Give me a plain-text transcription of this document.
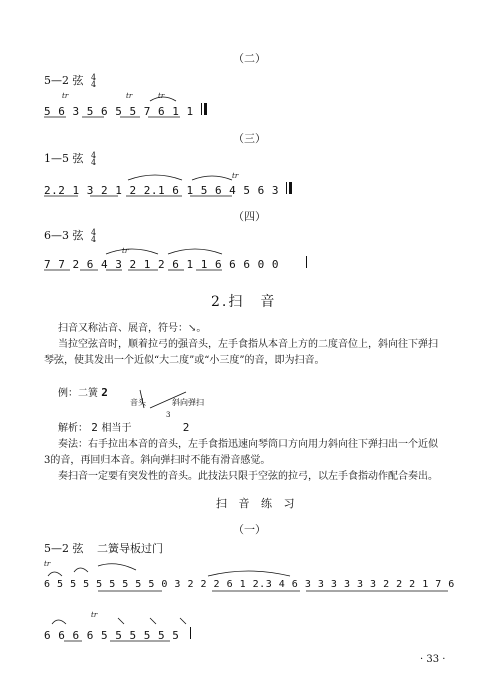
（二）
5—2 弦 4
4
tr	tr	tr
5 6 3 5 6 5 5 7 6 1 1
（三）
1—5 弦 4
4
tr
2.2 1 3 2 1 2 2.1 6 1 5 6 4 5 6 3
（四）
6—3 弦 4
4
tr
7 7 2 6 4 3 2 1 2 6 1 1 6 6 6 0 0
2.扫　音
扫音又称沾音、展音，符号：↘。
当拉空弦音时，顺着拉弓的强音头，左手食指从本音上方的二度音位上，斜向往下弹扫
琴弦，使其发出一个近似“大二度”或“小三度”的音，即为扫音。
例：二簧 2
音头	斜向弹扫
3
解析： 2 相当于	2
奏法：右手拉出本音的音头，左手食指迅速向琴筒口方向用力斜向往下弹扫出一个近似
3的音，再回归本音。斜向弹扫时不能有滑音感觉。
奏扫音一定要有突发性的音头。此技法只限于空弦的拉弓，以左手食指动作配合奏出。
扫 音 练 习
（一）
5—2 弦 二簧导板过门
tr
6 5 5 5 5 5 5 5 5 0 3 2 2 2 6 1 2.3 4 6 3 3 3 3 3 3 2 2 2 1 7 6
tr
6 6 6 6 5 5 5 5 5 5
· 33 ·
